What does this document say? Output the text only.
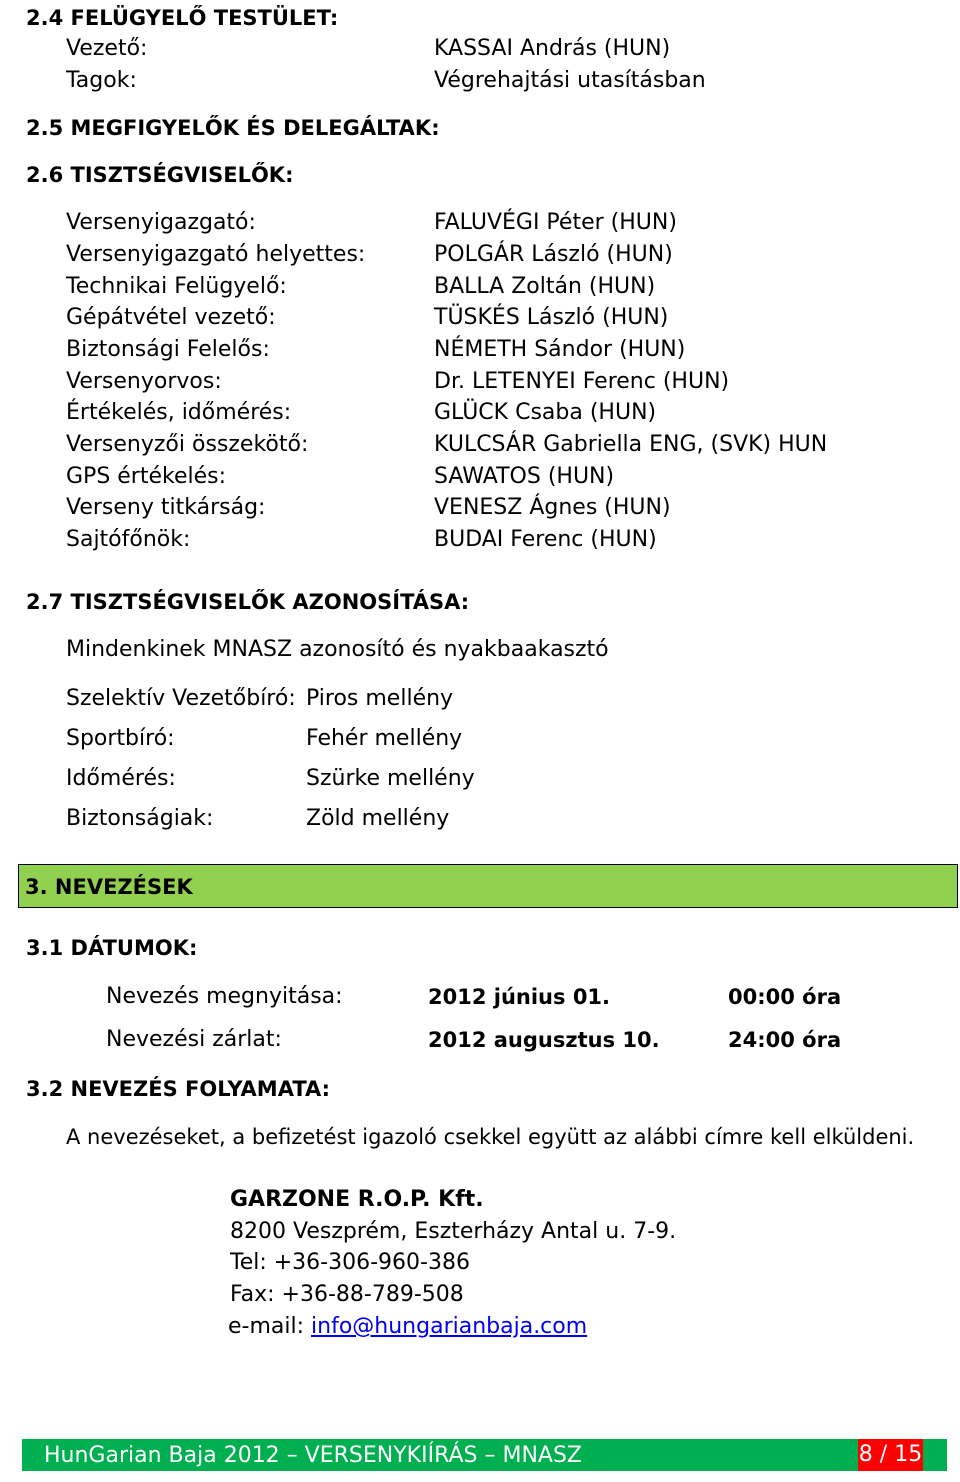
2.4 FELÜGYELŐ TESTÜLET:
Vezető:	KASSAI András (HUN)
Tagok:	Végrehajtási utasításban
2.5 MEGFIGYELŐK ÉS DELEGÁLTAK:
2.6 TISZTSÉGVISELŐK:
Versenyigazgató:	FALUVÉGI Péter (HUN)
Versenyigazgató helyettes:	POLGÁR László (HUN)
Technikai Felügyelő:	BALLA Zoltán (HUN)
Gépátvétel vezető:	TÜSKÉS László (HUN)
Biztonsági Felelős:	NÉMETH Sándor (HUN)
Versenyorvos:	Dr. LETENYEI Ferenc (HUN)
Értékelés, időmérés:	GLÜCK Csaba (HUN)
Versenyzői összekötő:	KULCSÁR Gabriella ENG, (SVK) HUN
GPS értékelés:	SAWATOS (HUN)
Verseny titkárság:	VENESZ Ágnes (HUN)
Sajtófőnök:	BUDAI Ferenc (HUN)
2.7 TISZTSÉGVISELŐK AZONOSÍTÁSA:
Mindenkinek MNASZ azonosító és nyakbaakasztó
Szelektív Vezetőbíró: Piros mellény
Sportbíró:	Fehér mellény
Időmérés:	Szürke mellény
Biztonságiak:	Zöld mellény
3. NEVEZÉSEK
3.1 DÁTUMOK:
Nevezés megnyitása:	2012 június 01.	00:00 óra
Nevezési zárlat:	2012 augusztus 10.	24:00 óra
3.2 NEVEZÉS FOLYAMATA:
A nevezéseket, a befizetést igazoló csekkel együtt az alábbi címre kell elküldeni.
GARZONE R.O.P. Kft.
8200 Veszprém, Eszterházy Antal u. 7-9.
Tel: +36-306-960-386
Fax: +36-88-789-508
e-mail: info@hungarianbaja.com
HunGarian Baja 2012 – VERSENYKIÍRÁS – MNASZ	8 / 15
